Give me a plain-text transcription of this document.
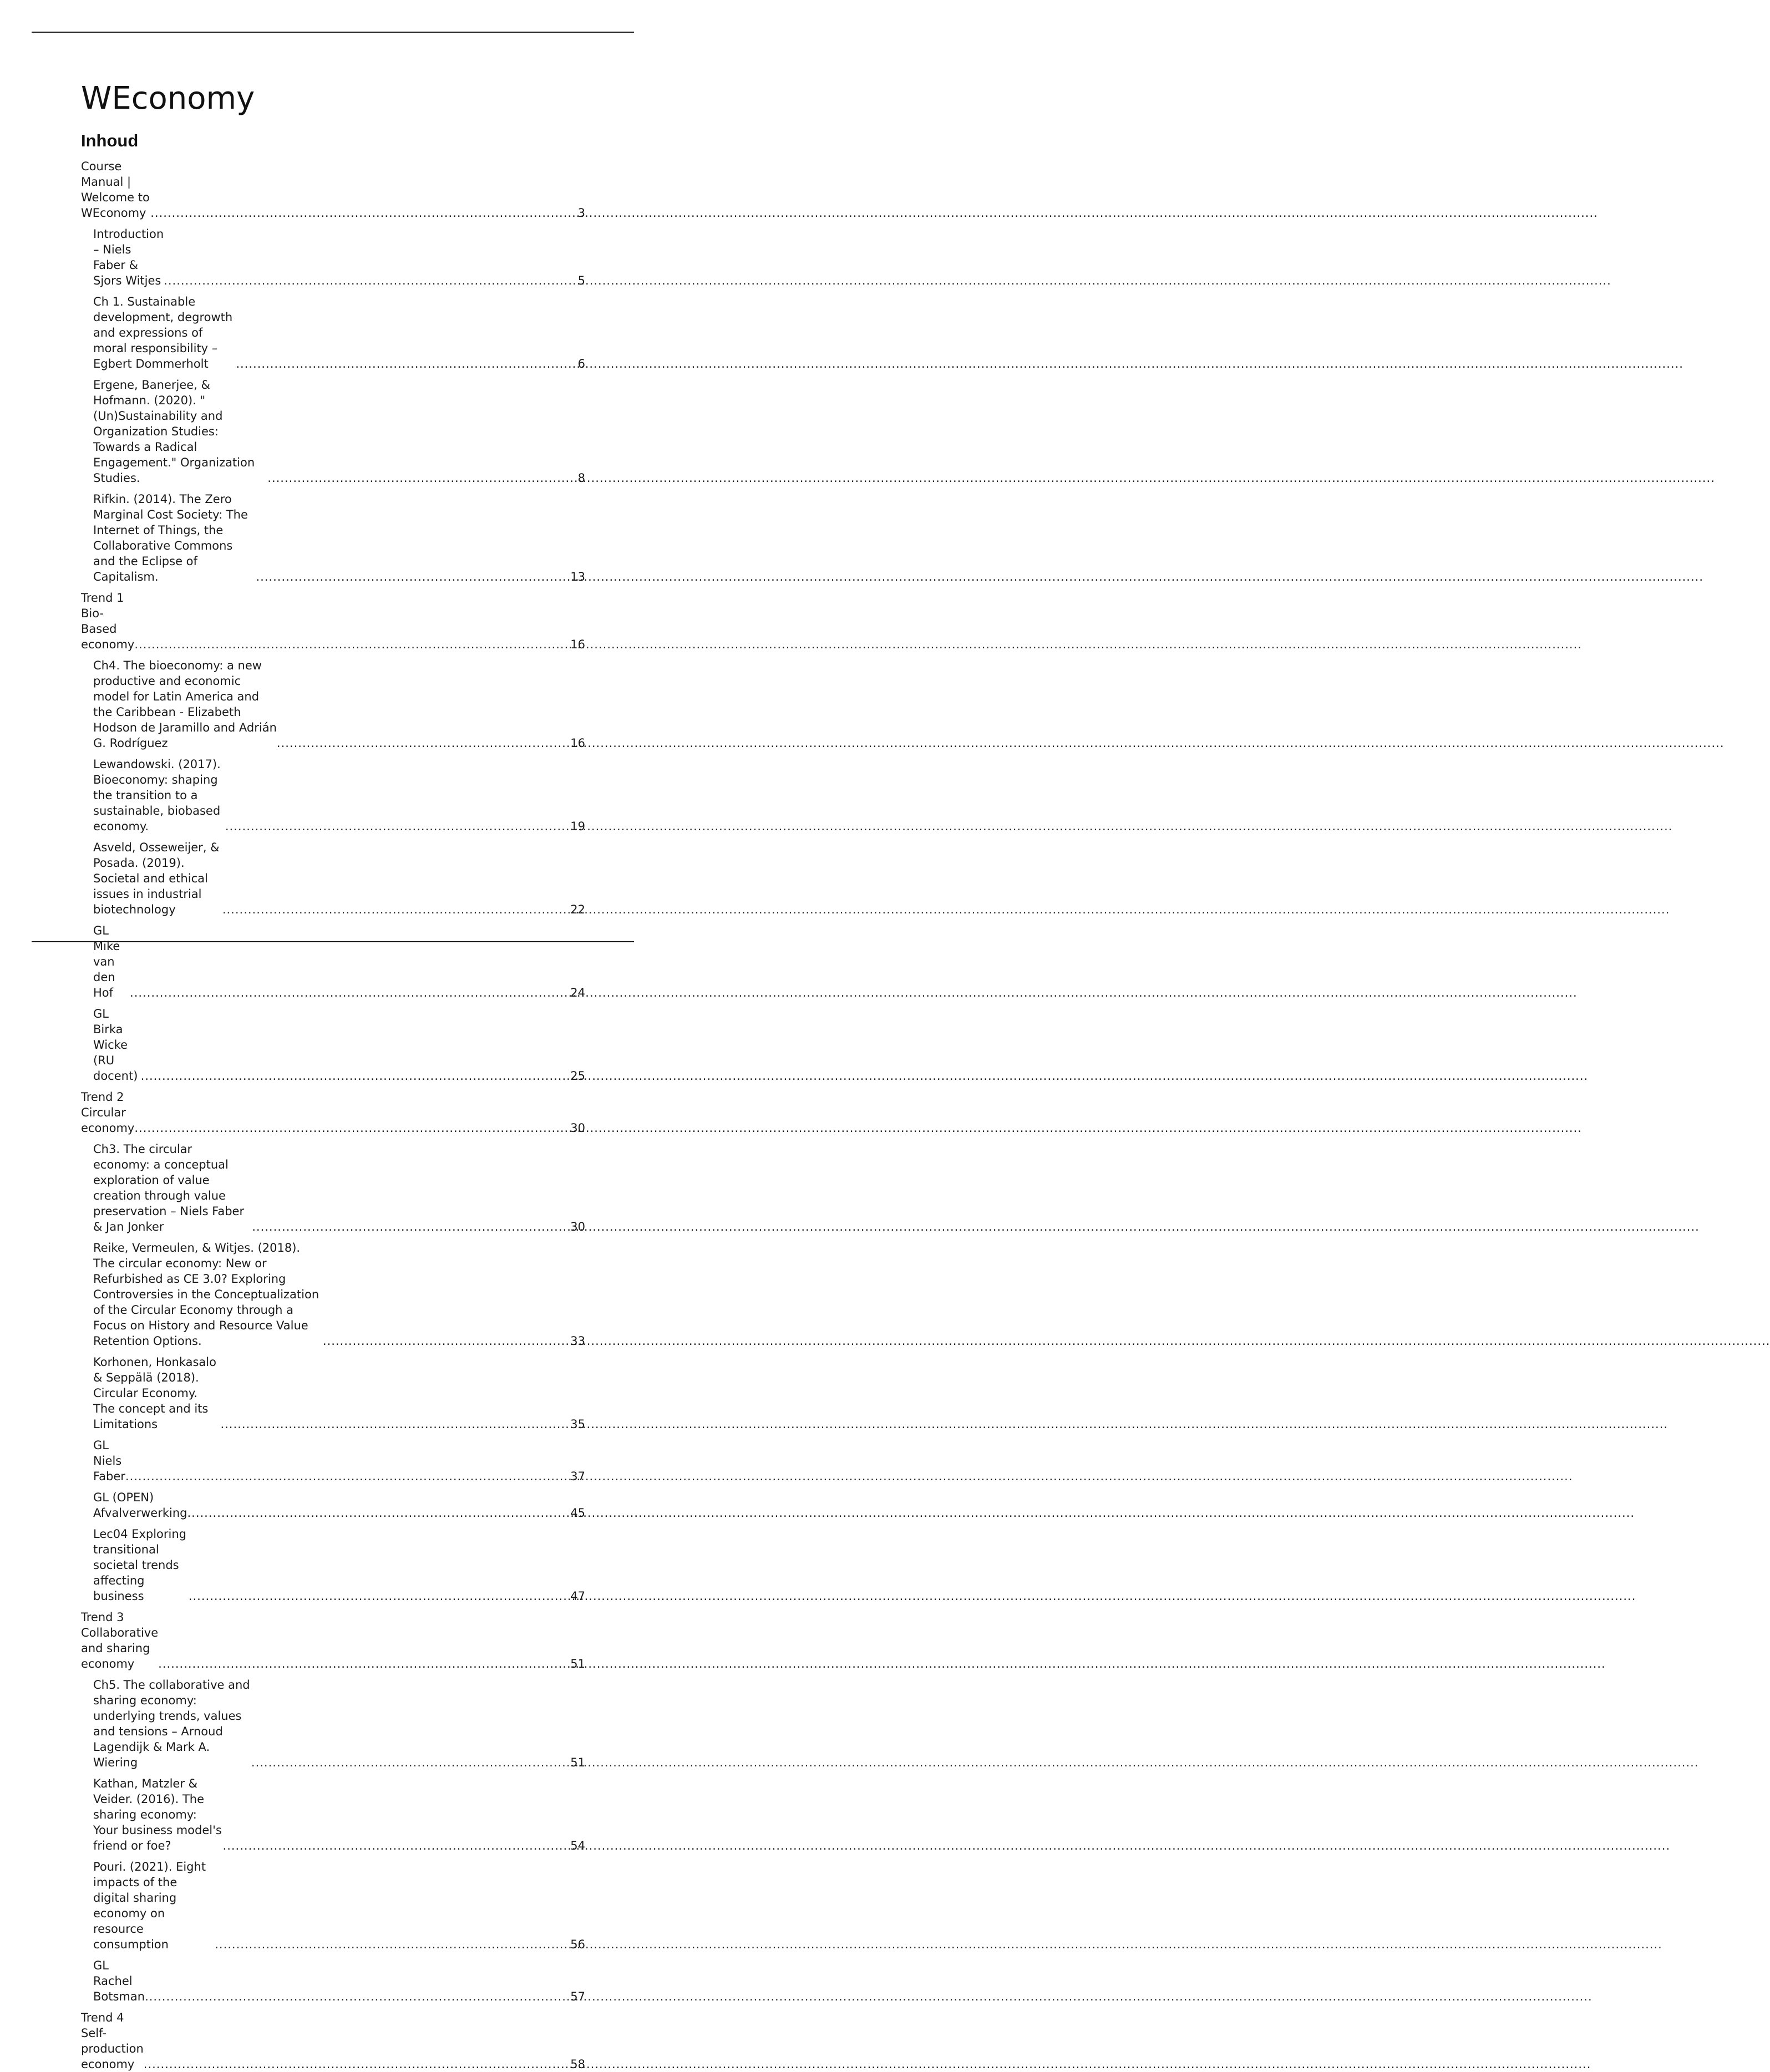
WEconomy
Inhoud
Course Manual | Welcome to WEconomy .....	3
Introduction – Niels Faber & Sjors Witjes .....	5
Ch 1. Sustainable development, degrowth and expressions of moral responsibility – Egbert Dommerholt .....	6
Ergene, Banerjee, & Hofmann. (2020). "(Un)Sustainability and Organization Studies: Towards a Radical Engagement." Organization Studies. .....	8
Rifkin. (2014). The Zero Marginal Cost Society: The Internet of Things, the Collaborative Commons and the Eclipse of Capitalism. .....	13
Trend 1 Bio-Based economy .....	16
Ch4. The bioeconomy: a new productive and economic model for Latin America and the Caribbean - Elizabeth Hodson de Jaramillo and Adrián G. Rodríguez .....	16
Lewandowski. (2017). Bioeconomy: shaping the transition to a sustainable, biobased economy. .....	19
Asveld, Osseweijer, & Posada. (2019). Societal and ethical issues in industrial biotechnology .....	22
GL Mike van den Hof .....	24
GL Birka Wicke (RU docent) .....	25
Trend 2 Circular economy .....	30
Ch3. The circular economy: a conceptual exploration of value creation through value preservation – Niels Faber & Jan Jonker .....	30
Reike, Vermeulen, & Witjes. (2018). The circular economy: New or Refurbished as CE 3.0? Exploring Controversies in the Conceptualization of the Circular Economy through a Focus on History and Resource Value Retention Options. .....	33
Korhonen, Honkasalo & Seppälä (2018). Circular Economy. The concept and its Limitations .....	35
GL Niels Faber .....	37
GL (OPEN) Afvalverwerking .....	45
Lec04 Exploring transitional societal trends affecting business .....	47
Trend 3 Collaborative and sharing economy .....	51
Ch5. The collaborative and sharing economy: underlying trends, values and tensions – Arnoud Lagendijk & Mark A. Wiering .....	51
Kathan, Matzler & Veider. (2016). The sharing economy: Your business model's friend or foe? .....	54
Pouri. (2021). Eight impacts of the digital sharing economy on resource consumption .....	56
GL Rachel Botsman .....	57
Trend 4 Self-production economy .....	58
